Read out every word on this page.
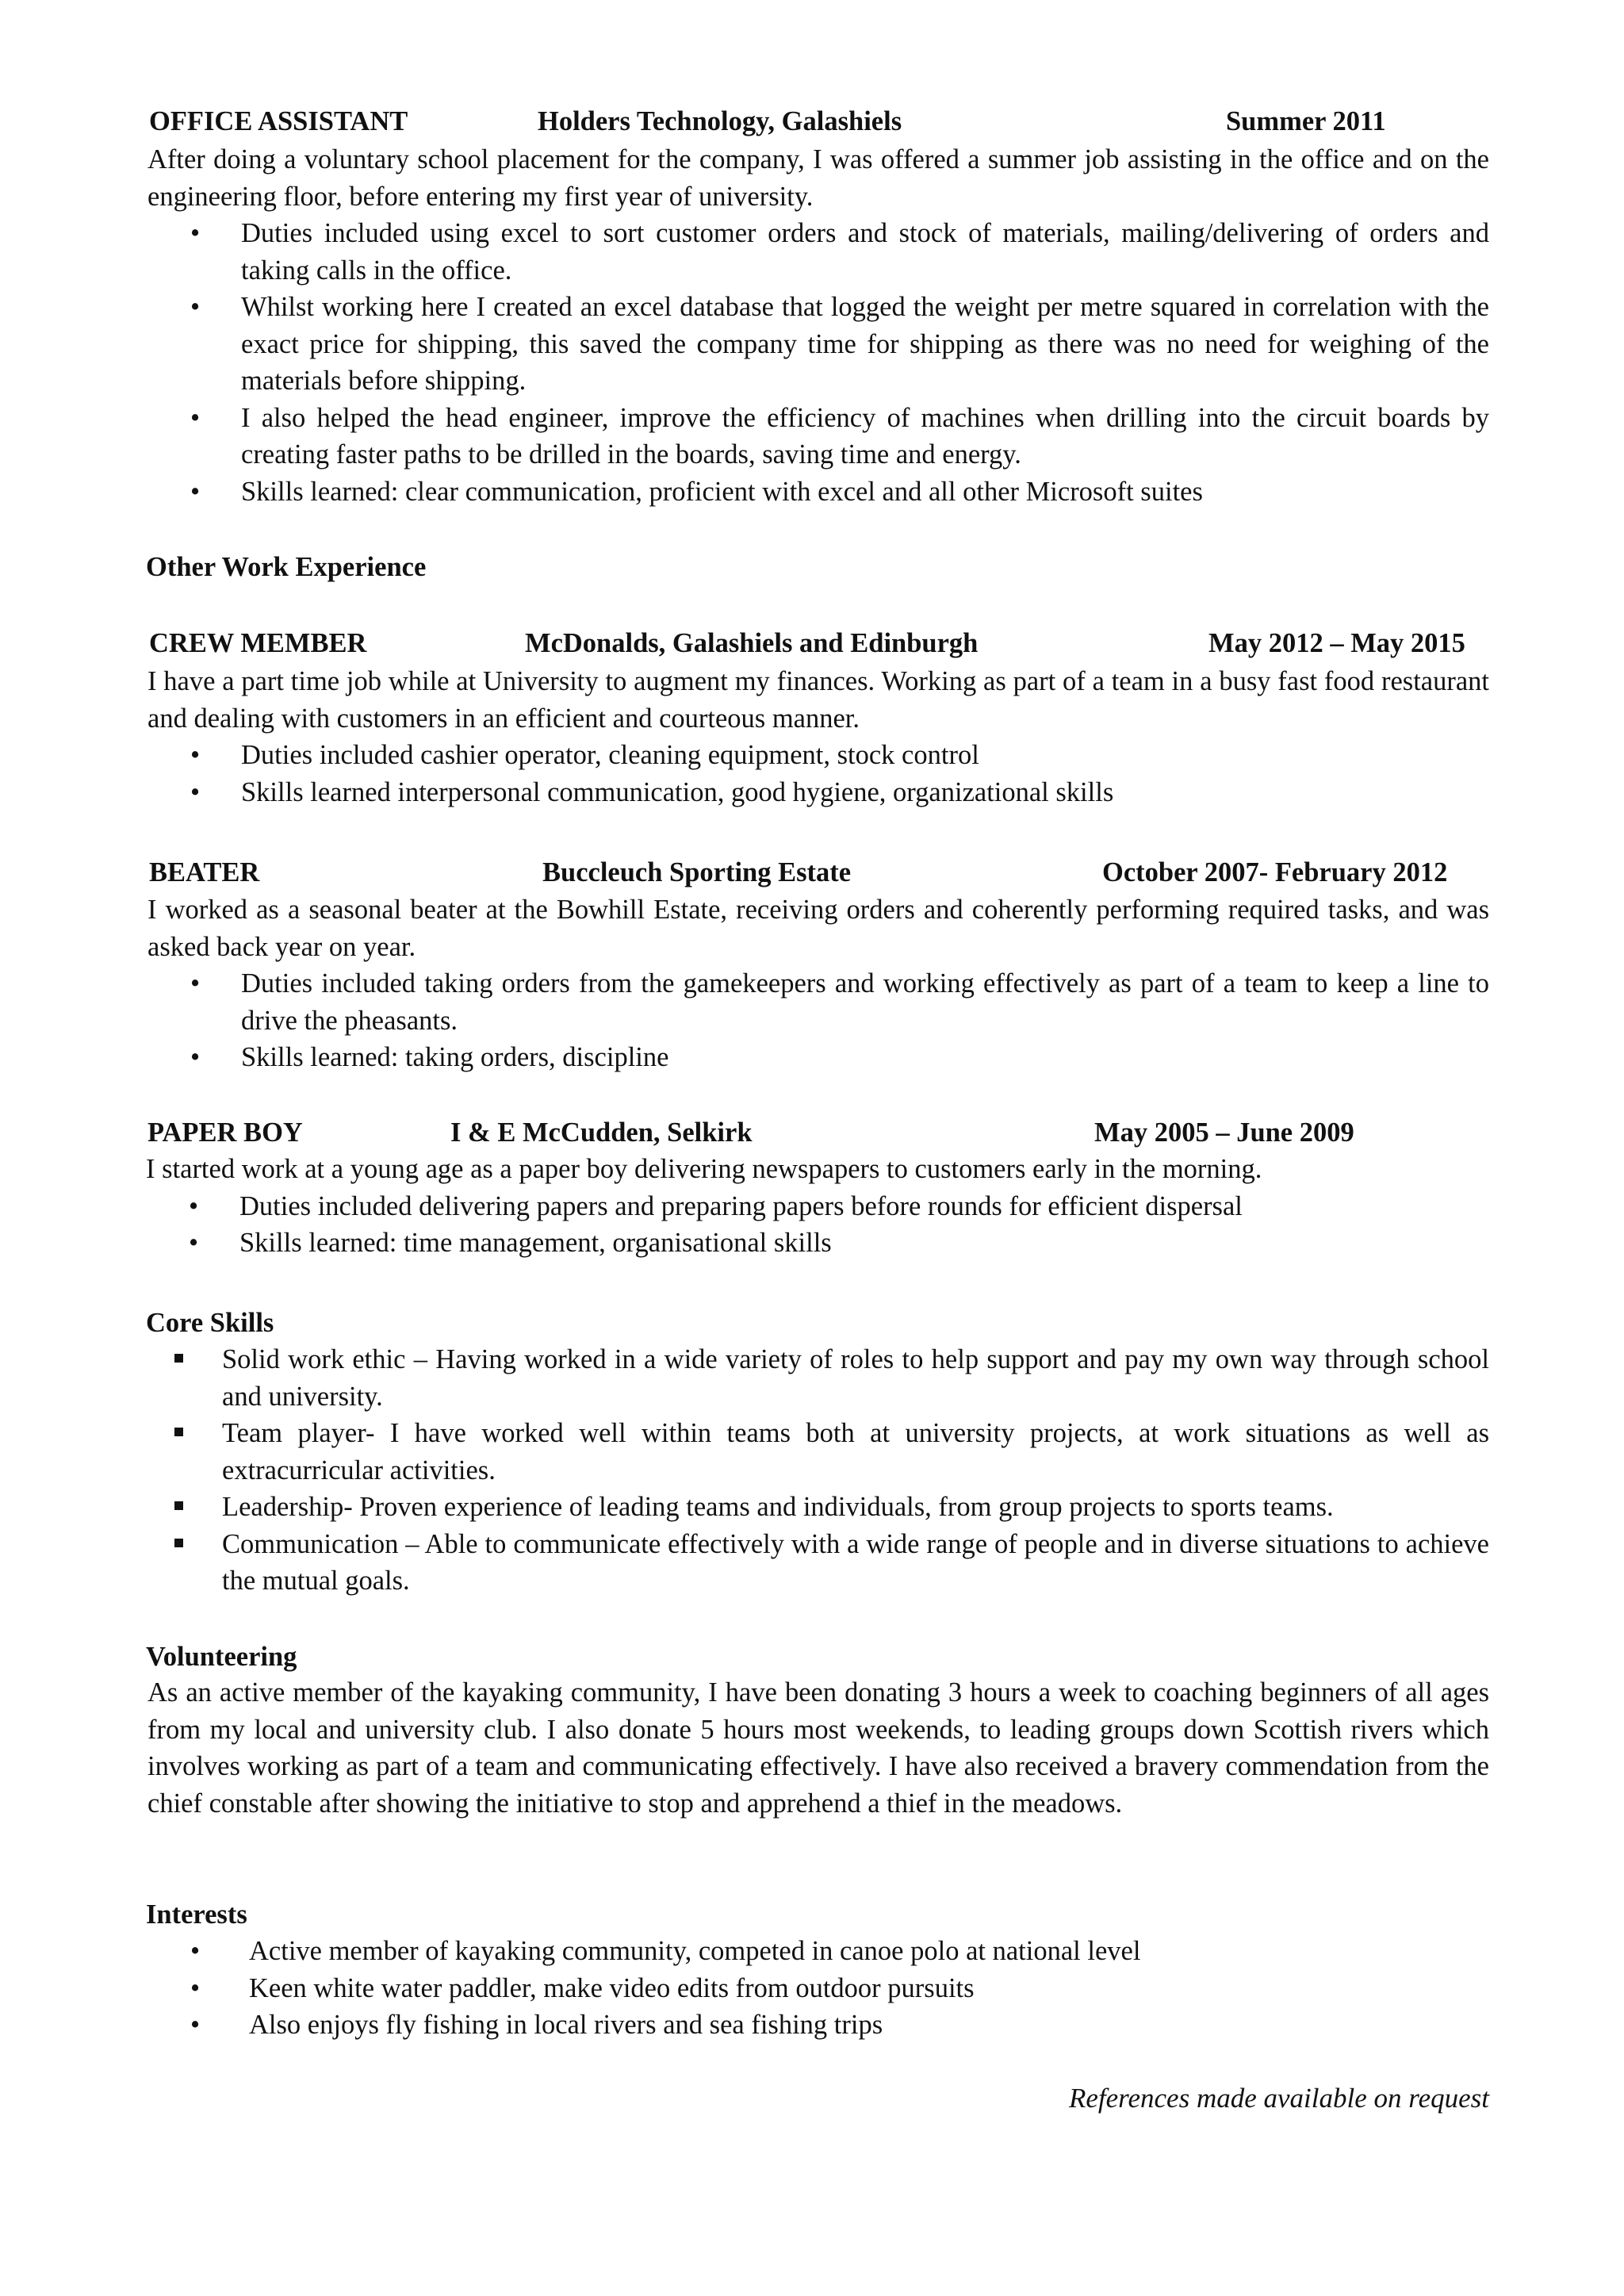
OFFICE ASSISTANT	Holders Technology, Galashiels	Summer 2011

After doing a voluntary school placement for the company, I was offered a summer job assisting in the office and on the engineering floor, before entering my first year of university.

• Duties included using excel to sort customer orders and stock of materials, mailing/delivering of orders and taking calls in the office.
• Whilst working here I created an excel database that logged the weight per metre squared in correlation with the exact price for shipping, this saved the company time for shipping as there was no need for weighing of the materials before shipping.
• I also helped the head engineer, improve the efficiency of machines when drilling into the circuit boards by creating faster paths to be drilled in the boards, saving time and energy.
• Skills learned: clear communication, proficient with excel and all other Microsoft suites
Other Work Experience
CREW MEMBER	McDonalds, Galashiels and Edinburgh	May 2012 – May 2015

I have a part time job while at University to augment my finances. Working as part of a team in a busy fast food restaurant and dealing with customers in an efficient and courteous manner.

• Duties included cashier operator, cleaning equipment, stock control
• Skills learned interpersonal communication, good hygiene, organizational skills
BEATER	Buccleuch Sporting Estate	October 2007- February 2012

I worked as a seasonal beater at the Bowhill Estate, receiving orders and coherently performing required tasks, and was asked back year on year.

• Duties included taking orders from the gamekeepers and working effectively as part of a team to keep a line to drive the pheasants.
• Skills learned: taking orders, discipline
PAPER BOY	I & E McCudden, Selkirk	May 2005 – June 2009

I started work at a young age as a paper boy delivering newspapers to customers early in the morning.

• Duties included delivering papers and preparing papers before rounds for efficient dispersal
• Skills learned: time management, organisational skills
Core Skills
Solid work ethic – Having worked in a wide variety of roles to help support and pay my own way through school and university.
Team player- I have worked well within teams both at university projects, at work situations as well as extracurricular activities.
Leadership- Proven experience of leading teams and individuals, from group projects to sports teams.
Communication – Able to communicate effectively with a wide range of people and in diverse situations to achieve the mutual goals.
Volunteering

As an active member of the kayaking community, I have been donating 3 hours a week to coaching beginners of all ages from my local and university club. I also donate 5 hours most weekends, to leading groups down Scottish rivers which involves working as part of a team and communicating effectively. I have also received a bravery commendation from the chief constable after showing the initiative to stop and apprehend a thief in the meadows.

Interests
• Active member of kayaking community, competed in canoe polo at national level
• Keen white water paddler, make video edits from outdoor pursuits
• Also enjoys fly fishing in local rivers and sea fishing trips
References made available on request
